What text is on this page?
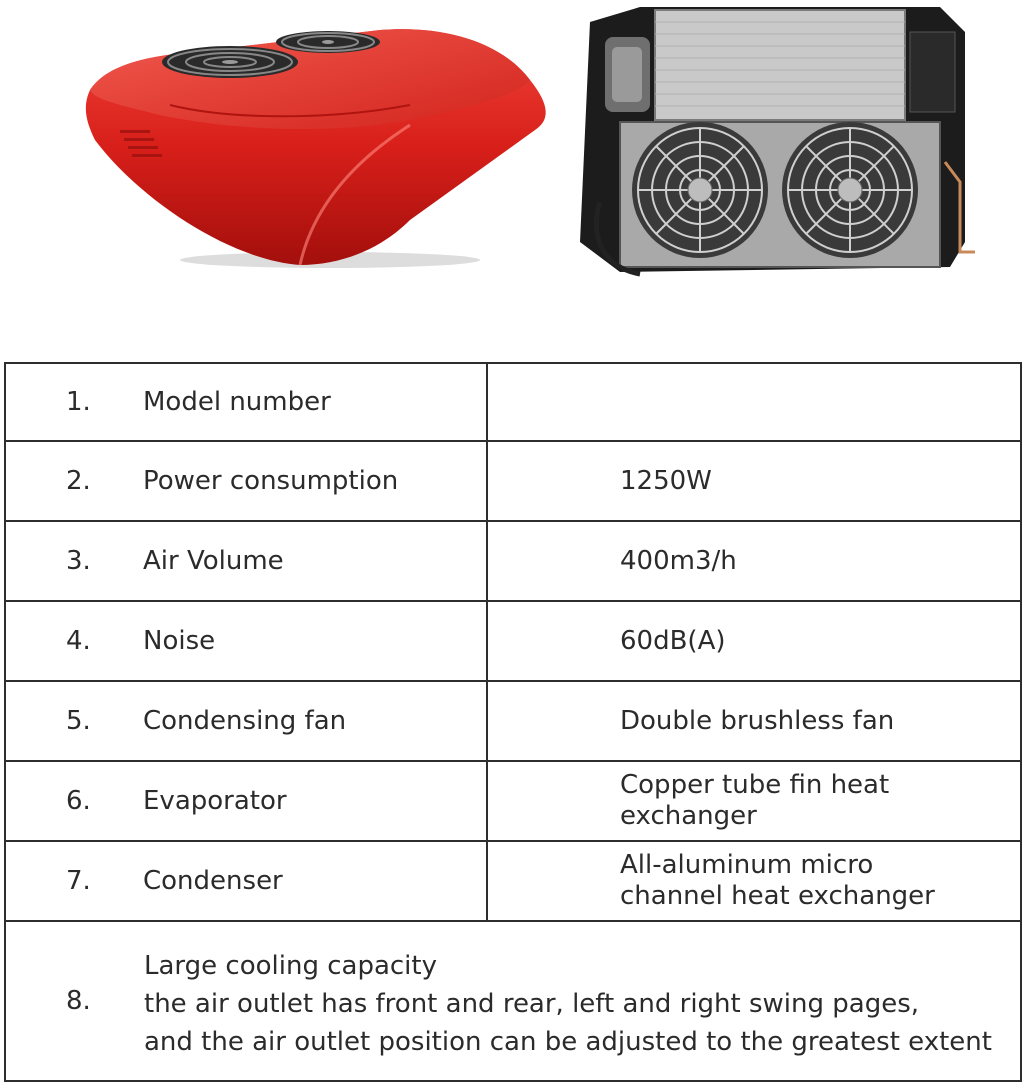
1.	Model number	
2.	Power consumption	1250W
3.	Air Volume	400m3/h
4.	Noise	60dB(A)
5.	Condensing fan	Double brushless fan
6.	Evaporator	Copper tube fin heat
exchanger

7.	Condenser	All-aluminum micro
channel heat exchanger

8.
Large cooling capacity
the air outlet has front and rear, left and right swing pages,
and the air outlet position can be adjusted to the greatest extent		
